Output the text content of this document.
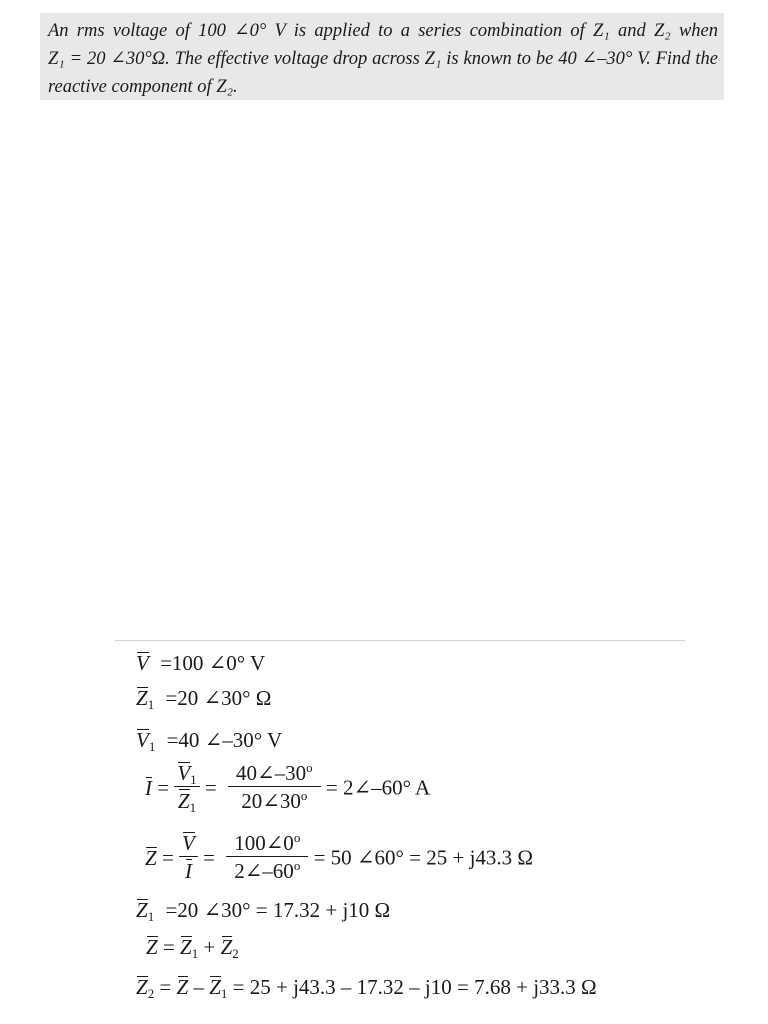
An rms voltage of 100 ∠0° V is applied to a series combination of Z₁ and Z₂ when
Z₁ = 20 ∠30°Ω. The effective voltage drop across Z₁ is known to be 40 ∠–30° V. Find the
reactive component of Z₂.
V =100 ∠0° V
$Z_1 =20$ ∠30° Ω
$V_1 =40$ ∠–30° V
$I = \frac{V_1}{Z_1} = \frac{40\angle-30^o}{20\angle 30^o}$ = 2∠–60° A
$Z = \frac{V}{I} = \frac{100\angle 0^o}{2\angle-60^o} = 50$ ∠60° = 25 + j43.3 Ω
$Z_1 =20$ ∠30° = 17.32 + j10 Ω
$Z = Z_1 + Z_2$
$Z_2 = Z - Z_1 = 25 + j43.3 - 17.32 - j10 = 7.68 + j33.3$ Ω
